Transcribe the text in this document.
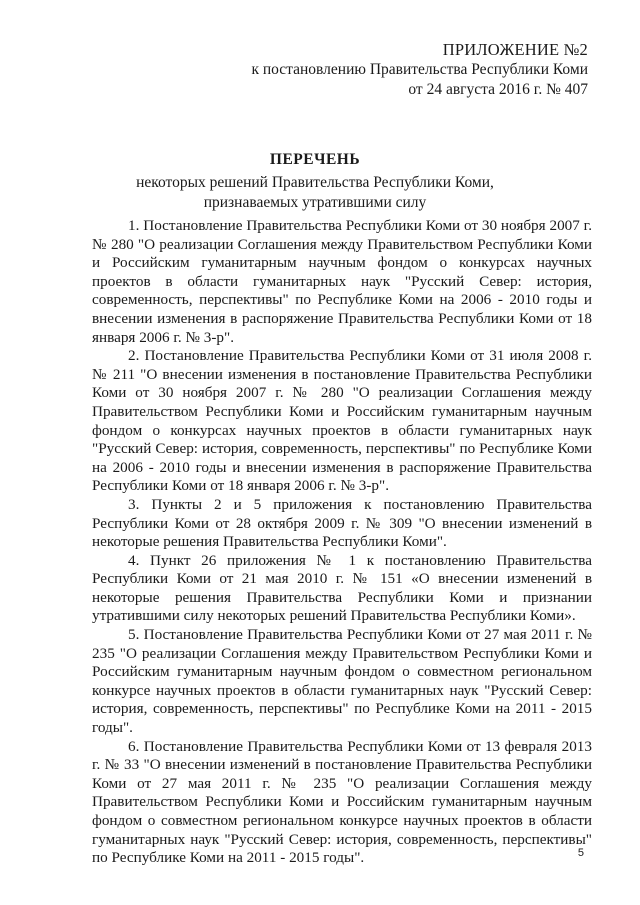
ПРИЛОЖЕНИЕ №2
к постановлению Правительства Республики Коми
от 24 августа 2016 г. № 407
ПЕРЕЧЕНЬ
некоторых решений Правительства Республики Коми, признаваемых утратившими силу

1. Постановление Правительства Республики Коми от 30 ноября 2007 г. № 280 "О реализации Соглашения между Правительством Республики Коми и Российским гуманитарным научным фондом о конкурсах научных проектов в области гуманитарных наук "Русский Север: история, современность, перспективы" по Республике Коми на 2006 - 2010 годы и внесении изменения в распоряжение Правительства Республики Коми от 18 января 2006 г. № 3-р".

2. Постановление Правительства Республики Коми от 31 июля 2008 г. № 211 "О внесении изменения в постановление Правительства Республики Коми от 30 ноября 2007 г. № 280 "О реализации Соглашения между Правительством Республики Коми и Российским гуманитарным научным фондом о конкурсах научных проектов в области гуманитарных наук "Русский Север: история, современность, перспективы" по Республике Коми на 2006 - 2010 годы и внесении изменения в распоряжение Правительства Республики Коми от 18 января 2006 г. № 3-р".

3. Пункты 2 и 5 приложения к постановлению Правительства Республики Коми от 28 октября 2009 г. № 309 "О внесении изменений в некоторые решения Правительства Республики Коми".

4. Пункт 26 приложения № 1 к постановлению Правительства Республики Коми от 21 мая 2010 г. № 151 «О внесении изменений в некоторые решения Правительства Республики Коми и признании утратившими силу некоторых решений Правительства Республики Коми».

5. Постановление Правительства Республики Коми от 27 мая 2011 г. № 235 "О реализации Соглашения между Правительством Республики Коми и Российским гуманитарным научным фондом о совместном региональном конкурсе научных проектов в области гуманитарных наук "Русский Север: история, современность, перспективы" по Республике Коми на 2011 - 2015 годы".

6. Постановление Правительства Республики Коми от 13 февраля 2013 г. № 33 "О внесении изменений в постановление Правительства Республики Коми от 27 мая 2011 г. № 235 "О реализации Соглашения между Правительством Республики Коми и Российским гуманитарным научным фондом о совместном региональном конкурсе научных проектов в области гуманитарных наук "Русский Север: история, современность, перспективы" по Республике Коми на 2011 - 2015 годы".	5
